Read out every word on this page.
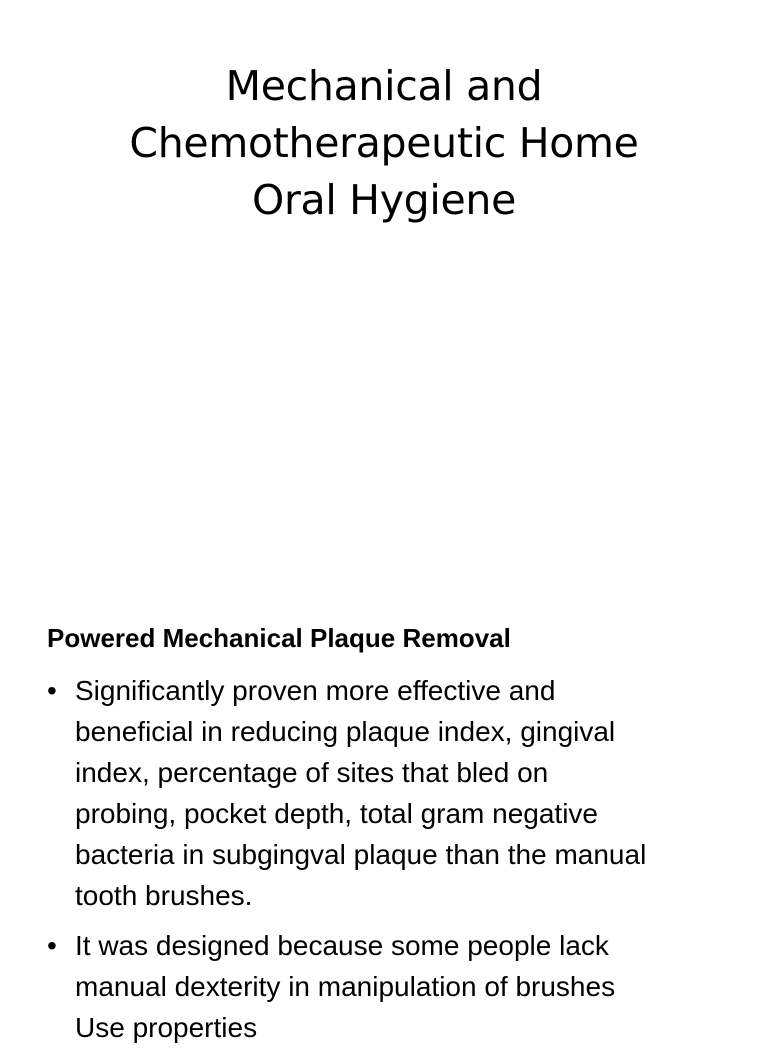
Mechanical and
Chemotherapeutic Home
Oral Hygiene
Powered Mechanical Plaque Removal
• Significantly proven more effective and
beneficial in reducing plaque index, gingival
index, percentage of sites that bled on
probing, pocket depth, total gram negative
bacteria in subgingval plaque than the manual
tooth brushes.
• It was designed because some people lack
manual dexterity in manipulation of brushes
Use properties
